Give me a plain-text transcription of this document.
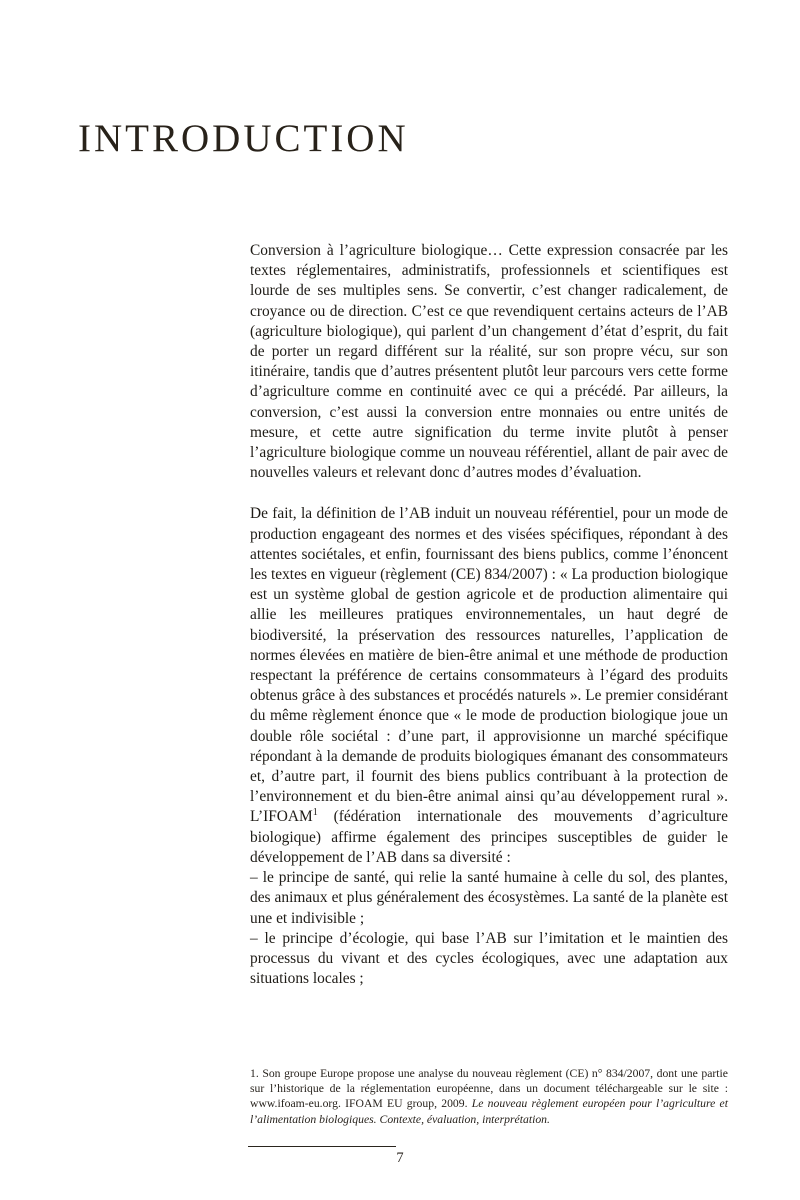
INTRODUCTION

Conversion à l’agriculture biologique… Cette expression consacrée par les textes réglementaires, administratifs, professionnels et scientifiques est lourde de ses multiples sens. Se convertir, c’est changer radicalement, de croyance ou de direction. C’est ce que revendiquent certains acteurs de l’AB (agriculture biologique), qui parlent d’un changement d’état d’esprit, du fait de porter un regard différent sur la réalité, sur son propre vécu, sur son itinéraire, tandis que d’autres présentent plutôt leur parcours vers cette forme d’agriculture comme en continuité avec ce qui a précédé. Par ailleurs, la conversion, c’est aussi la conversion entre monnaies ou entre unités de mesure, et cette autre signification du terme invite plutôt à penser l’agriculture biologique comme un nouveau référentiel, allant de pair avec de nouvelles valeurs et relevant donc d’autres modes d’évaluation.

De fait, la définition de l’AB induit un nouveau référentiel, pour un mode de production engageant des normes et des visées spécifiques, répondant à des attentes sociétales, et enfin, fournissant des biens publics, comme l’énoncent les textes en vigueur (règlement (CE) 834/2007) : « La production biologique est un système global de gestion agricole et de production alimentaire qui allie les meilleures pratiques environnementales, un haut degré de biodiversité, la préservation des ressources naturelles, l’application de normes élevées en matière de bien-être animal et une méthode de production respectant la préférence de certains consommateurs à l’égard des produits obtenus grâce à des substances et procédés naturels ». Le premier considérant du même règlement énonce que « le mode de production biologique joue un double rôle sociétal : d’une part, il approvisionne un marché spécifique répondant à la demande de produits biologiques émanant des consommateurs et, d’autre part, il fournit des biens publics contribuant à la protection de l’environnement et du bien-être animal ainsi qu’au développement rural ». L’IFOAM$^1$ (fédération internationale des mouvements d’agriculture biologique) affirme également des principes susceptibles de guider le développement de l’AB dans sa diversité :

– le principe de santé, qui relie la santé humaine à celle du sol, des plantes, des animaux et plus généralement des écosystèmes. La santé de la planète est une et indivisible ;

– le principe d’écologie, qui base l’AB sur l’imitation et le maintien des processus du vivant et des cycles écologiques, avec une adaptation aux situations locales ;

1. Son groupe Europe propose une analyse du nouveau règlement (CE) n° 834/2007, dont une partie sur l’historique de la réglementation européenne, dans un document téléchargeable sur le site : www.ifoam-eu.org. IFOAM EU group, 2009. Le nouveau règlement européen pour l’agriculture et l’alimentation biologiques. Contexte, évaluation, interprétation.
7
